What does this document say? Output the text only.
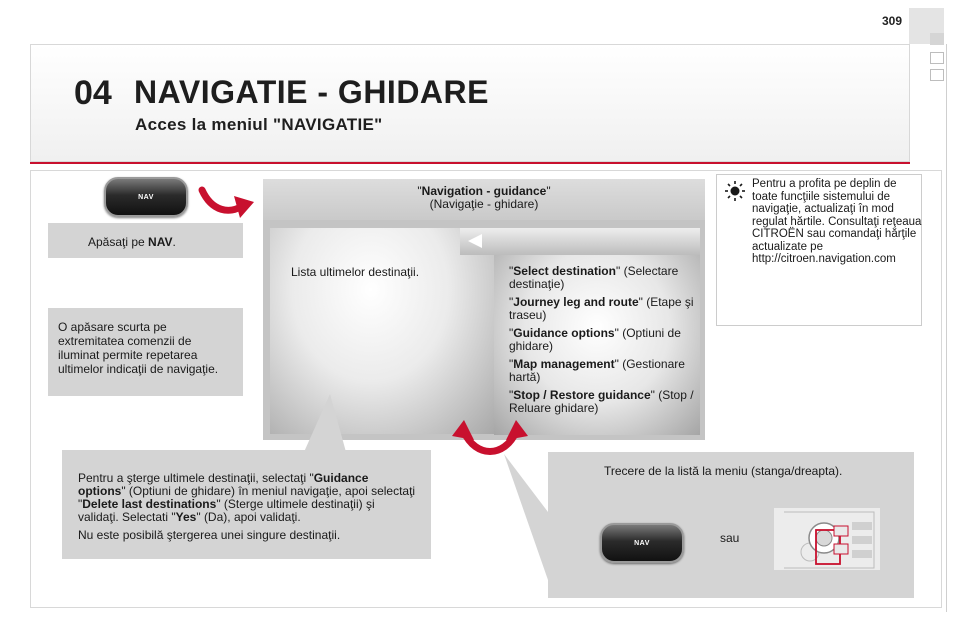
309
04 NAVIGATIE - GHIDARE
Acces la meniul "NAVIGATIE"
NAV
Apăsaţi pe NAV.
O apăsare scurta pe extremitatea comenzii de iluminat permite repetarea ultimelor indicaţii de navigaţie.
"Navigation - guidance"
(Navigaţie - ghidare)
Lista ultimelor destinaţii.	"Select destination" (Selectare destinaţie)

"Journey leg and route" (Etape şi traseu)

"Guidance options" (Optiuni de ghidare)

"Map management" (Gestionare hartă)

"Stop / Restore guidance" (Stop / Reluare ghidare)

Pentru a profita pe deplin de toate funcţiile sistemului de navigaţie, actualizaţi în mod regulat hărtile. Consultaţi reţeaua CITROËN sau comandaţi hărţile actualizate pe http://citroen.navigation.com

Pentru a şterge ultimele destinaţii, selectaţi "Guidance options" (Optiuni de ghidare) în meniul navigaţie, apoi selectaţi "Delete last destinations" (Sterge ultimele destinaţii) şi validaţi. Selectati "Yes" (Da), apoi validaţi.

Nu este posibilă ştergerea unei singure destinaţii.

Trecere de la listă la meniu (stanga/dreapta).
NAV	sau
